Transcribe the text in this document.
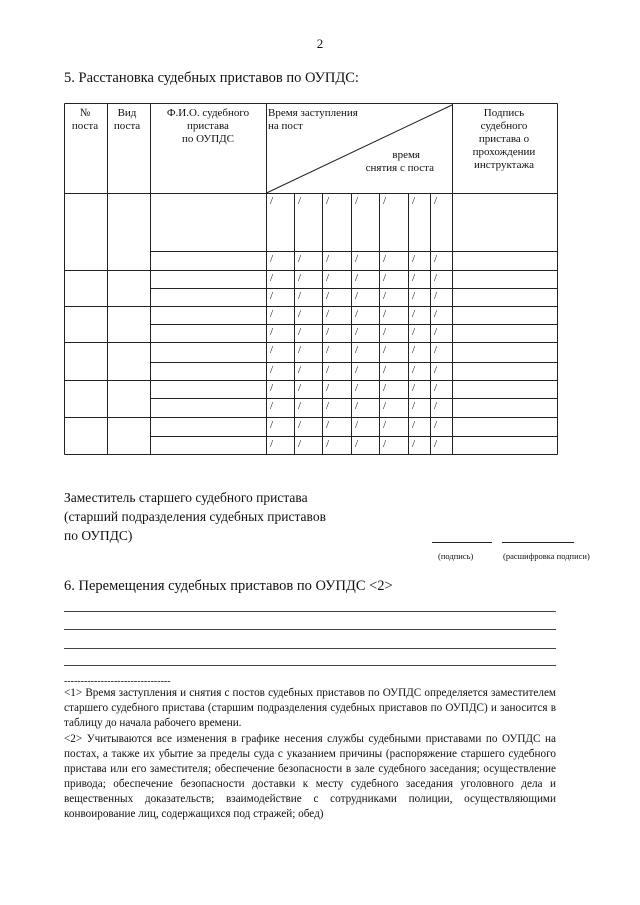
2
5. Расстановка судебных приставов по ОУПДС:
№
поста
Вид
поста
Ф.И.О. судебного
пристава
по ОУПДС
Время заступления
на пост
время
снятия с поста
Подпись
судебного
пристава о
прохождении
инструктажа
/ / / / / / /
/ / / / / / /
/ / / / / / /
/ / / / / / /
/ / / / / / /
/ / / / / / /
/ / / / / / /
/ / / / / / /
/ / / / / / /
/ / / / / / /
/ / / / / / /
/ / / / / / /
Заместитель старшего судебного пристава
(старший подразделения судебных приставов
по ОУПДС)
(подпись)	(расшифровка подписи)
6. Перемещения судебных приставов по ОУПДС <2>
--------------------------------
<1> Время заступления и снятия с постов судебных приставов по ОУПДС определяется заместителем старшего судебного пристава (старшим подразделения судебных приставов по ОУПДС) и заносится в таблицу до начала рабочего времени.
<2> Учитываются все изменения в графике несения службы судебными приставами по ОУПДС на постах, а также их убытие за пределы суда с указанием причины (распоряжение старшего судебного пристава или его заместителя; обеспечение безопасности в зале судебного заседания; осуществление привода; обеспечение безопасности доставки к месту судебного заседания уголовного дела и вещественных доказательств; взаимодействие с сотрудниками полиции, осуществляющими конвоирование лиц, содержащихся под стражей; обед)
